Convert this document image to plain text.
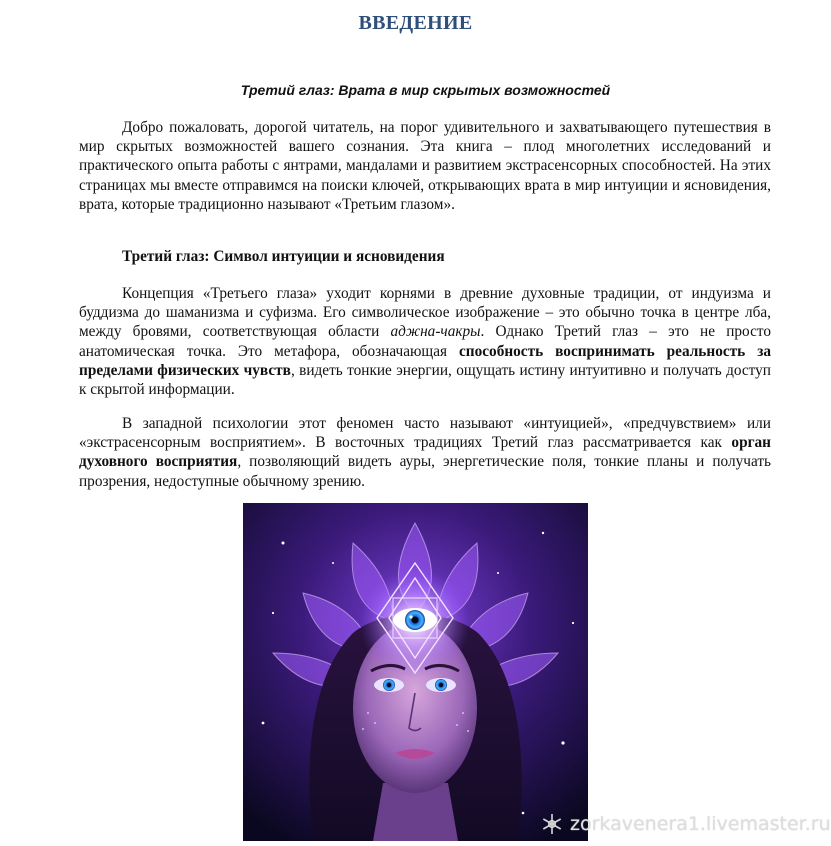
ВВЕДЕНИЕ
Третий глаз: Врата в мир скрытых возможностей

Добро пожаловать, дорогой читатель, на порог удивительного и захватывающего путешествия в мир скрытых возможностей вашего сознания. Эта книга – плод многолетних исследований и практического опыта работы с янтрами, мандалами и развитием экстрасенсорных способностей. На этих страницах мы вместе отправимся на поиски ключей, открывающих врата в мир интуиции и ясновидения, врата, которые традиционно называют «Третьим глазом».

Третий глаз: Символ интуиции и ясновидения

Концепция «Третьего глаза» уходит корнями в древние духовные традиции, от индуизма и буддизма до шаманизма и суфизма. Его символическое изображение – это обычно точка в центре лба, между бровями, соответствующая области аджна-чакры. Однако Третий глаз – это не просто анатомическая точка. Это метафора, обозначающая способность воспринимать реальность за пределами физических чувств, видеть тонкие энергии, ощущать истину интуитивно и получать доступ к скрытой информации.

В западной психологии этот феномен часто называют «интуицией», «предчувствием» или «экстрасенсорным восприятием». В восточных традициях Третий глаз рассматривается как орган духовного восприятия, позволяющий видеть ауры, энергетические поля, тонкие планы и получать прозрения, недоступные обычному зрению.

zorkavenera1.livemaster.ru
